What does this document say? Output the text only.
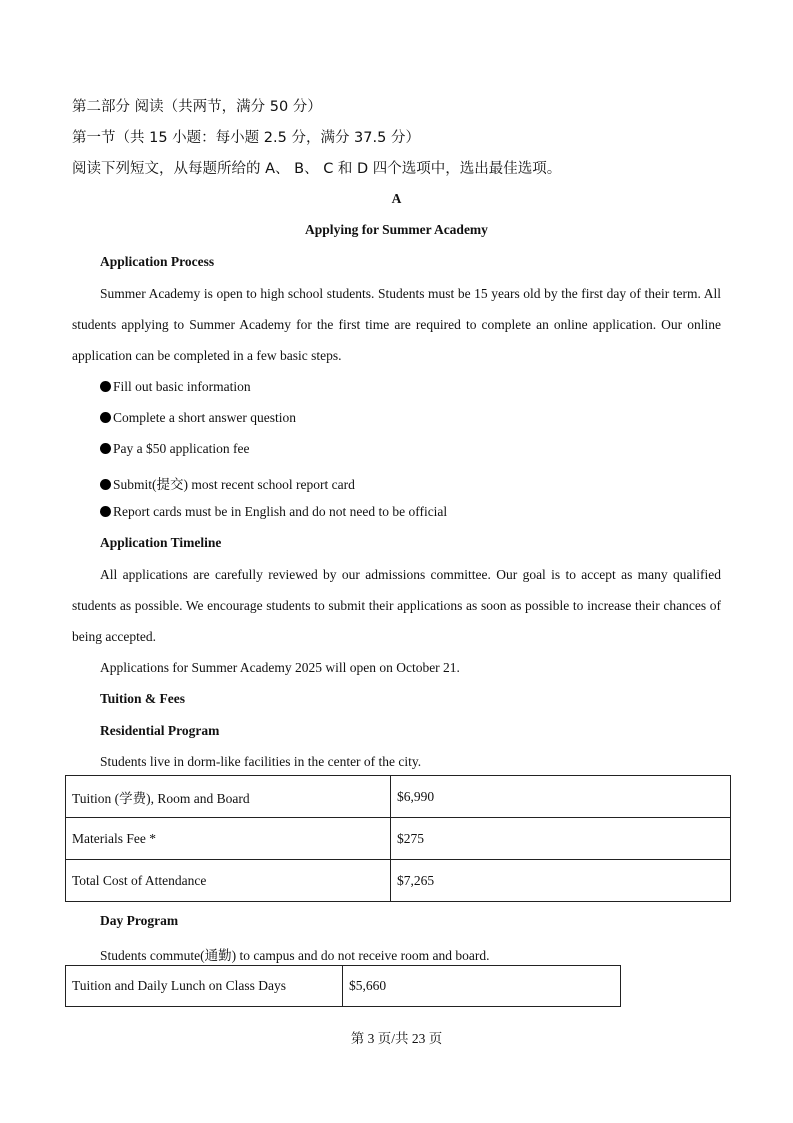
第二部分 阅读（共两节，满分 50 分）
第一节（共 15 小题：每小题 2.5 分，满分 37.5 分）
阅读下列短文，从每题所给的 A、 B、 C 和 D 四个选项中，选出最佳选项。
A
Applying for Summer Academy
Application Process
Summer Academy is open to high school students. Students must be 15 years old by the first day of their term. All students applying to Summer Academy for the first time are required to complete an online application. Our online application can be completed in a few basic steps.
Fill out basic information
Complete a short answer question
Pay a $50 application fee
Submit(提交) most recent school report card
Report cards must be in English and do not need to be official
Application Timeline
All applications are carefully reviewed by our admissions committee. Our goal is to accept as many qualified students as possible. We encourage students to submit their applications as soon as possible to increase their chances of being accepted.
Applications for Summer Academy 2025 will open on October 21.
Tuition & Fees
Residential Program
Students live in dorm-like facilities in the center of the city.
Tuition (学费), Room and Board	$6,990
Materials Fee *	$275
Total Cost of Attendance	$7,265
Day Program
Students commute(通勤) to campus and do not receive room and board.
Tuition and Daily Lunch on Class Days	$5,660
第 3 页/共 23 页
